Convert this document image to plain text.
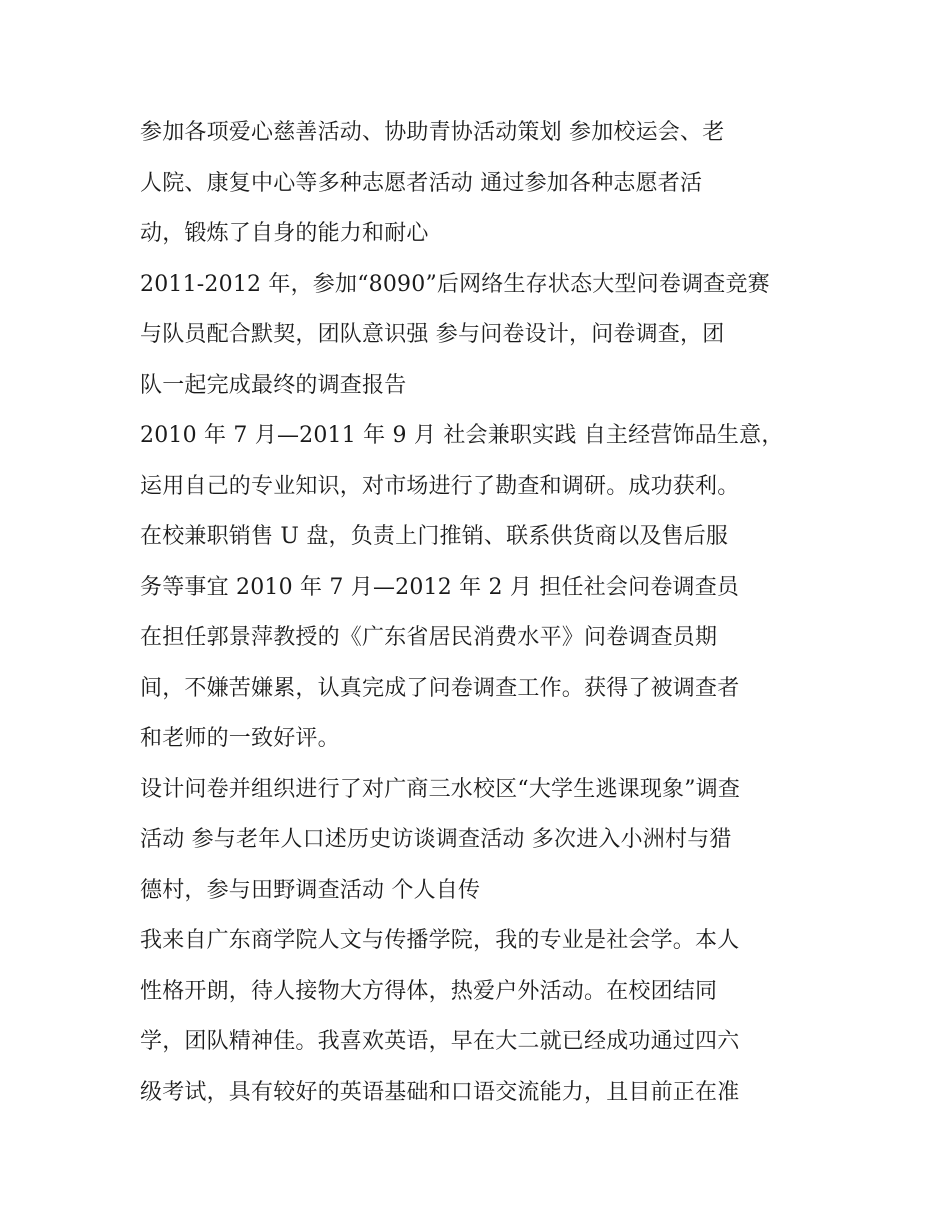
参加各项爱心慈善活动、协助青协活动策划 参加校运会、老
人院、康复中心等多种志愿者活动 通过参加各种志愿者活
动，锻炼了自身的能力和耐心
2011-2012 年，参加“8090”后网络生存状态大型问卷调查竞赛
与队员配合默契，团队意识强 参与问卷设计，问卷调查，团
队一起完成最终的调查报告
2010 年 7 月—2011 年 9 月 社会兼职实践 自主经营饰品生意，
运用自己的专业知识，对市场进行了勘查和调研。成功获利。
在校兼职销售 U 盘，负责上门推销、联系供货商以及售后服
务等事宜 2010 年 7 月—2012 年 2 月 担任社会问卷调查员
在担任郭景萍教授的《广东省居民消费水平》问卷调查员期
间，不嫌苦嫌累，认真完成了问卷调查工作。获得了被调查者
和老师的一致好评。
设计问卷并组织进行了对广商三水校区“大学生逃课现象”调查
活动 参与老年人口述历史访谈调查活动 多次进入小洲村与猎
德村，参与田野调查活动 个人自传
我来自广东商学院人文与传播学院，我的专业是社会学。本人
性格开朗，待人接物大方得体，热爱户外活动。在校团结同
学，团队精神佳。我喜欢英语，早在大二就已经成功通过四六
级考试，具有较好的英语基础和口语交流能力，且目前正在准
